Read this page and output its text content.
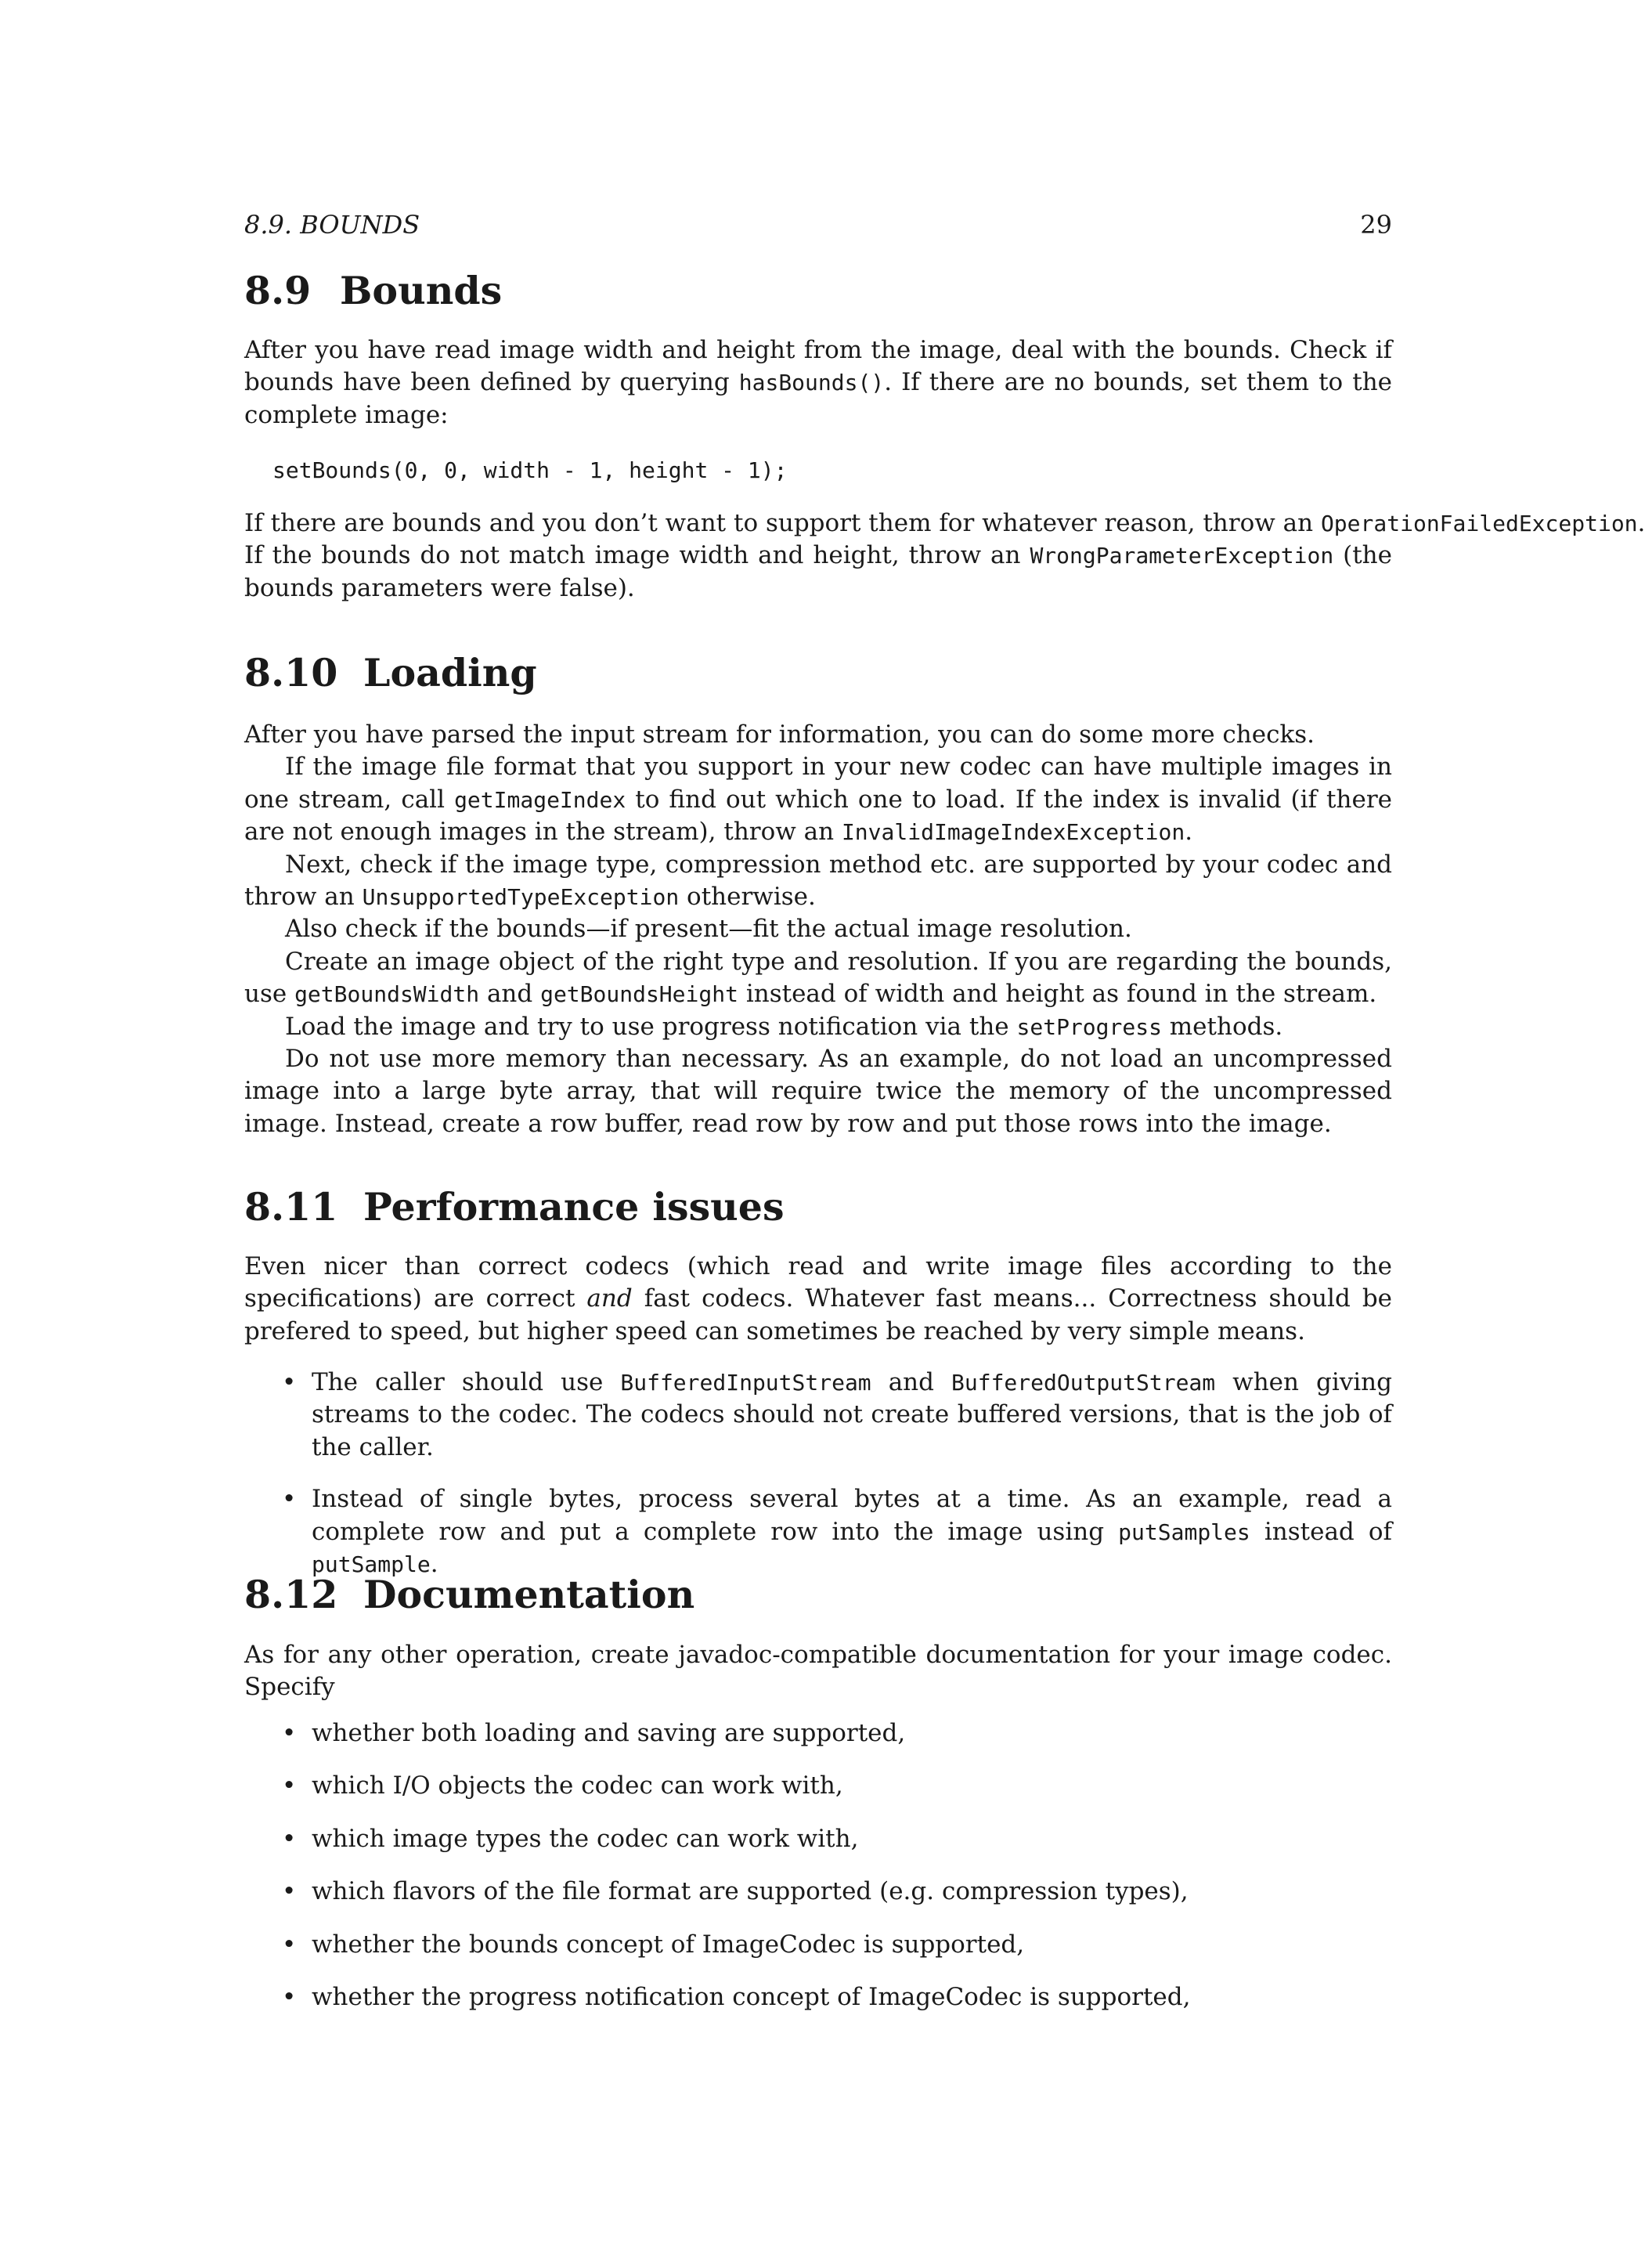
8.9. BOUNDS	29
8.9 Bounds

After you have read image width and height from the image, deal with the bounds. Check if bounds have been defined by querying hasBounds(). If there are no bounds, set them to the complete image:

setBounds(0, 0, width - 1, height - 1);

If there are bounds and you don’t want to support them for whatever reason, throw an OperationFailedException.

If the bounds do not match image width and height, throw an WrongParameterException (the bounds parameters were false).

8.10 Loading

After you have parsed the input stream for information, you can do some more checks.

If the image file format that you support in your new codec can have multiple images in one stream, call getImageIndex to find out which one to load. If the index is invalid (if there are not enough images in the stream), throw an InvalidImageIndexException.

Next, check if the image type, compression method etc. are supported by your codec and throw an UnsupportedTypeException otherwise.

Also check if the bounds—if present—fit the actual image resolution.

Create an image object of the right type and resolution. If you are regarding the bounds, use getBoundsWidth and getBoundsHeight instead of width and height as found in the stream.

Load the image and try to use progress notification via the setProgress methods.

Do not use more memory than necessary. As an example, do not load an uncompressed image into a large byte array, that will require twice the memory of the uncompressed image. Instead, create a row buffer, read row by row and put those rows into the image.

8.11 Performance issues

Even nicer than correct codecs (which read and write image files according to the specifications) are correct and fast codecs. Whatever fast means... Correctness should be prefered to speed, but higher speed can sometimes be reached by very simple means.

• The caller should use BufferedInputStream and BufferedOutputStream when giving streams to the codec. The codecs should not create buffered versions, that is the job of the caller.
• Instead of single bytes, process several bytes at a time. As an example, read a complete row and put a complete row into the image using putSamples instead of putSample.
8.12 Documentation

As for any other operation, create javadoc-compatible documentation for your image codec. Specify

• whether both loading and saving are supported,
• which I/O objects the codec can work with,
• which image types the codec can work with,
• which flavors of the file format are supported (e.g. compression types),
• whether the bounds concept of ImageCodec is supported,
• whether the progress notification concept of ImageCodec is supported,
